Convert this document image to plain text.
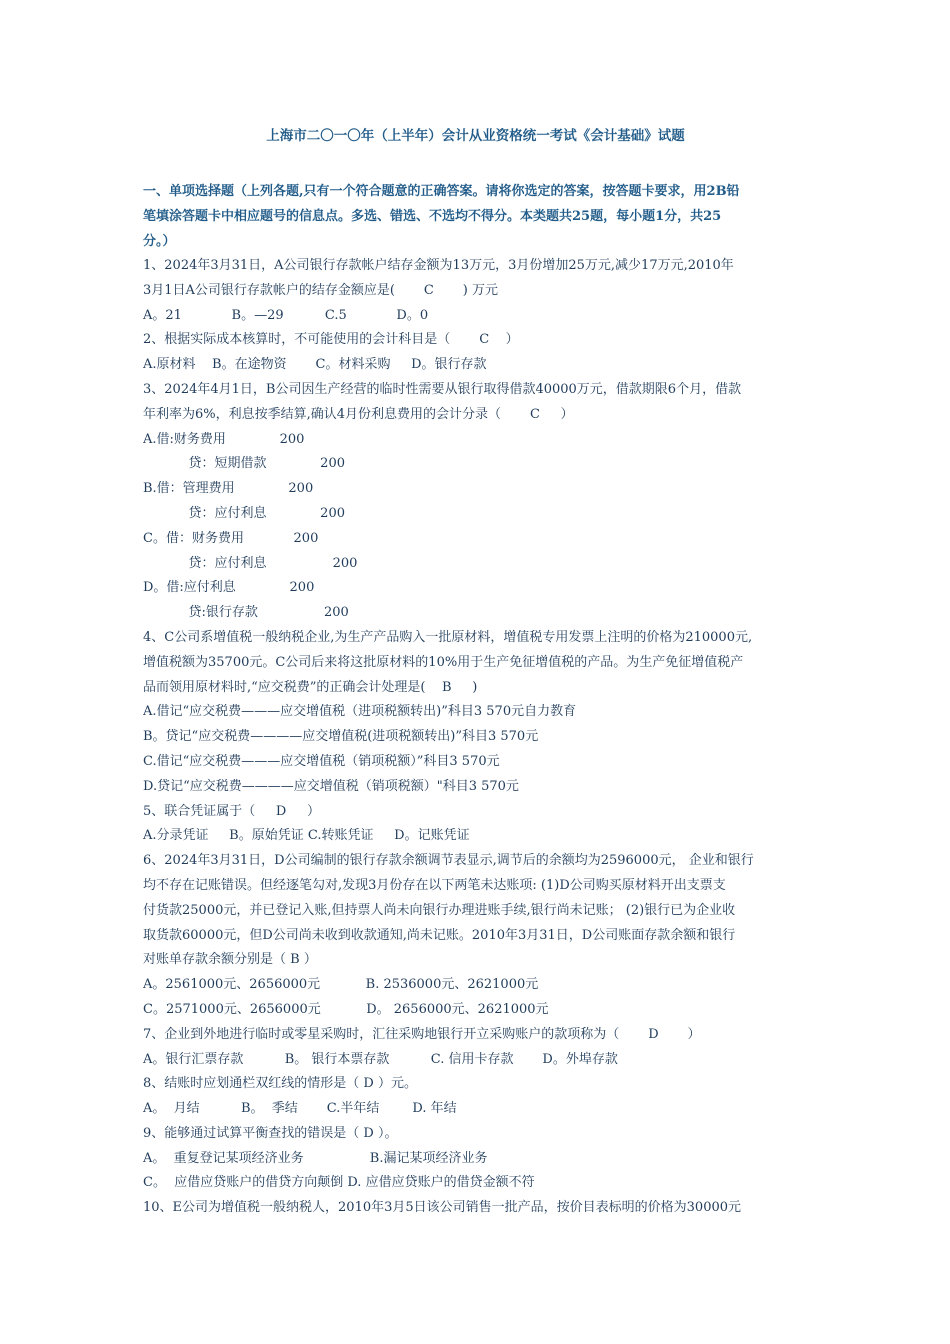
上海市二〇一〇年（上半年）会计从业资格统一考试《会计基础》试题

一、单项选择题（上列各题,只有一个符合题意的正确答案。请将你选定的答案，按答题卡要求，用2B铅

笔填涂答题卡中相应题号的信息点。多选、错选、不选均不得分。本类题共25题，每小题1分，共25

分。）

1、2024年3月31日，A公司银行存款帐户结存金额为13万元，3月份增加25万元,减少17万元,2010年

3月1日A公司银行存款帐户的结存金额应是(       C       ) 万元

A。21            B。—29          C.5            D。0

2、根据实际成本核算时，不可能使用的会计科目是（       C    ）

A.原材料    B。在途物资       C。材料采购     D。银行存款

3、2024年4月1日，B公司因生产经营的临时性需要从银行取得借款40000万元，借款期限6个月，借款

年利率为6%，利息按季结算,确认4月份利息费用的会计分录（       C     ）

A.借:财务费用             200

贷：短期借款             200

B.借：管理费用             200

贷：应付利息             200

C。借：财务费用            200

贷：应付利息                200

D。借:应付利息             200

贷:银行存款                200

4、C公司系增值税一般纳税企业,为生产产品购入一批原材料，增值税专用发票上注明的价格为210000元,

增值税额为35700元。C公司后来将这批原材料的10%用于生产免征增值税的产品。为生产免征增值税产

品而领用原材料时,“应交税费”的正确会计处理是(    B     )

A.借记“应交税费———应交增值税（进项税额转出)”科目3 570元自力教育

B。贷记“应交税费————应交增值税(进项税额转出)”科目3 570元

C.借记“应交税费———应交增值税（销项税额）”科目3 570元

D.贷记“应交税费————应交增值税（销项税额）"科目3 570元

5、联合凭证属于（     D     ）

A.分录凭证     B。原始凭证 C.转账凭证     D。记账凭证

6、2024年3月31日，D公司编制的银行存款余额调节表显示,调节后的余额均为2596000元， 企业和银行

均不存在记账错误。但经逐笔勾对,发现3月份存在以下两笔未达账项: (1)D公司购买原材料开出支票支

付货款25000元，并已登记入账,但持票人尚未向银行办理进账手续,银行尚未记账； (2)银行已为企业收

取货款60000元，但D公司尚未收到收款通知,尚未记账。2010年3月31日，D公司账面存款余额和银行

对账单存款余额分别是（ B ）

A。2561000元、2656000元           B. 2536000元、2621000元

C。2571000元、2656000元           D。 2656000元、2621000元

7、企业到外地进行临时或零星采购时，汇往采购地银行开立采购账户的款项称为（       D       ）

A。银行汇票存款          B。 银行本票存款          C. 信用卡存款       D。外埠存款

8、结账时应划通栏双红线的情形是（ D ）元。

A。  月结          B。  季结       C.半年结        D. 年结

9、能够通过试算平衡查找的错误是（ D ）。

A。  重复登记某项经济业务                B.漏记某项经济业务

C。  应借应贷账户的借贷方向颠倒 D. 应借应贷账户的借贷金额不符

10、E公司为增值税一般纳税人，2010年3月5日该公司销售一批产品，按价目表标明的价格为30000元
